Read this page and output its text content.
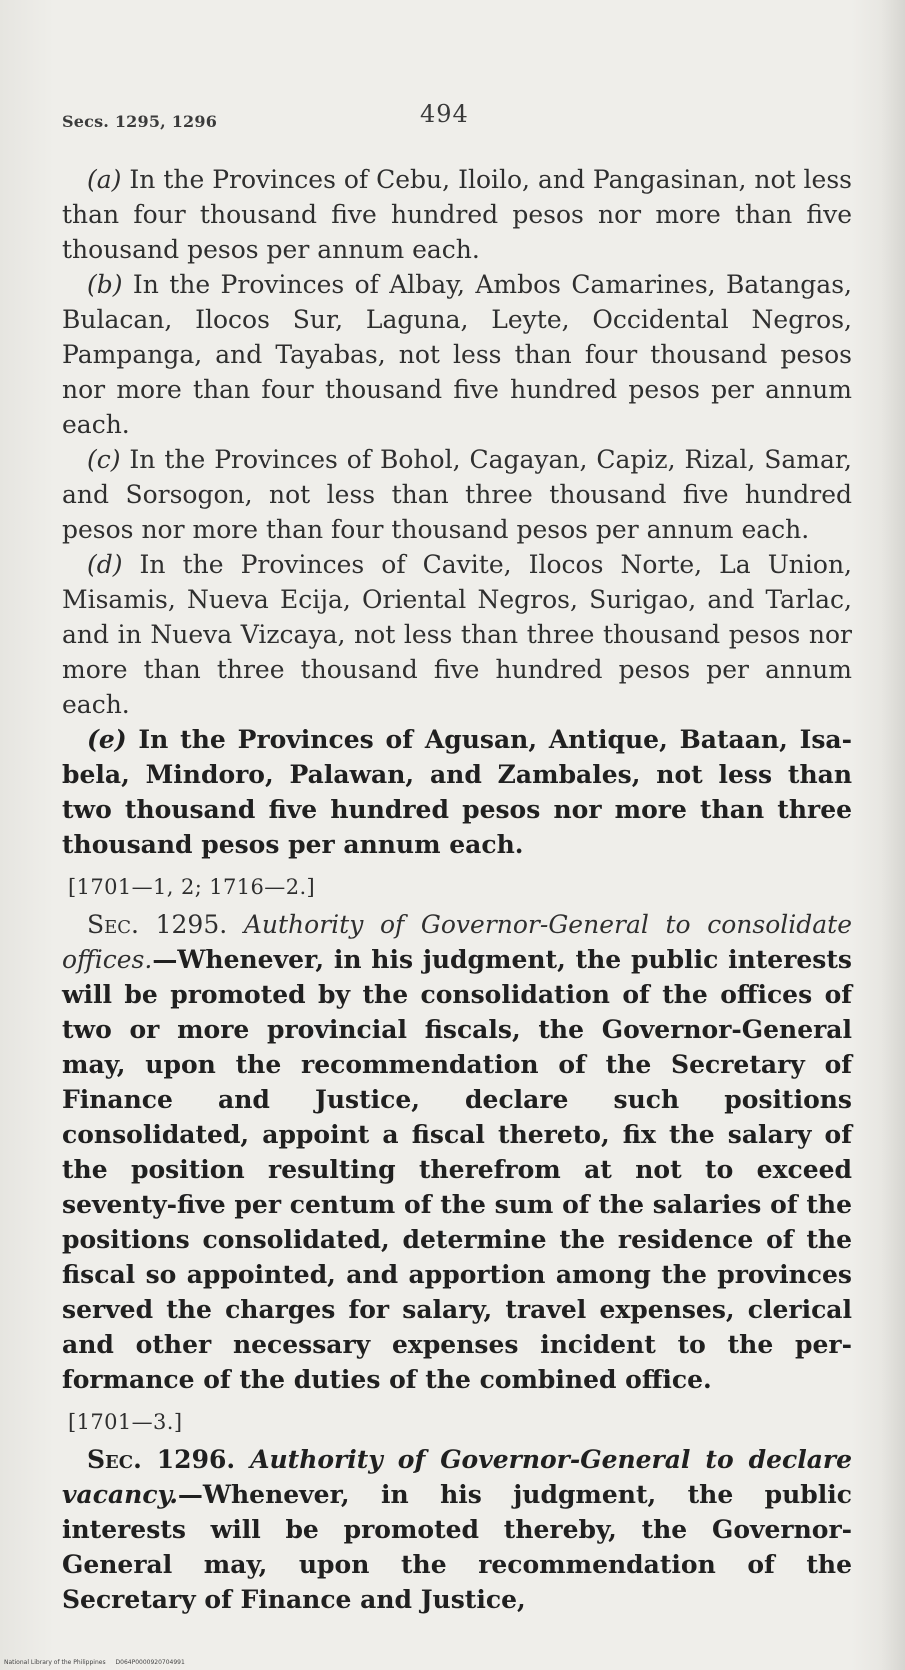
Secs. 1295, 1296	494

(a) In the Provinces of Cebu, Iloilo, and Pangasinan, not less than four thousand five hundred pesos nor more than five thousand pesos per annum each.

(b) In the Provinces of Albay, Ambos Camarines, Batangas, Bulacan, Ilocos Sur, Laguna, Leyte, Occidental Negros, Pampanga, and Tayabas, not less than four thousand pesos nor more than four thousand five hundred pesos per annum each.

(c) In the Provinces of Bohol, Cagayan, Capiz, Rizal, Samar, and Sorsogon, not less than three thousand five hundred pesos nor more than four thousand pesos per annum each.

(d) In the Provinces of Cavite, Ilocos Norte, La Union, Misamis, Nueva Ecija, Oriental Negros, Surigao, and Tarlac, and in Nueva Vizcaya, not less than three thousand pesos nor more than three thousand five hundred pesos per annum each.

(e) In the Provinces of Agusan, Antique, Bataan, Isabela, Mindoro, Palawan, and Zambales, not less than two thousand five hundred pesos nor more than three thousand pesos per annum each.

[1701—1, 2; 1716—2.]

Sec. 1295. Authority of Governor-General to consolidate offices.—Whenever, in his judgment, the public interests will be promoted by the consolidation of the offices of two or more provincial fiscals, the Governor-General may, upon the recommendation of the Secretary of Finance and Justice, declare such positions consolidated, appoint a fiscal thereto, fix the salary of the position resulting therefrom at not to exceed seventy-five per centum of the sum of the salaries of the positions consolidated, determine the residence of the fiscal so appointed, and apportion among the provinces served the charges for salary, travel expenses, clerical and other necessary expenses incident to the performance of the duties of the combined office.

[1701—3.]

Sec. 1296. Authority of Governor-General to declare vacancy.—Whenever, in his judgment, the public interests will be promoted thereby, the Governor-General may, upon the recommendation of the Secretary of Finance and Justice,

National Library of the Philippines D064P0000920704991
